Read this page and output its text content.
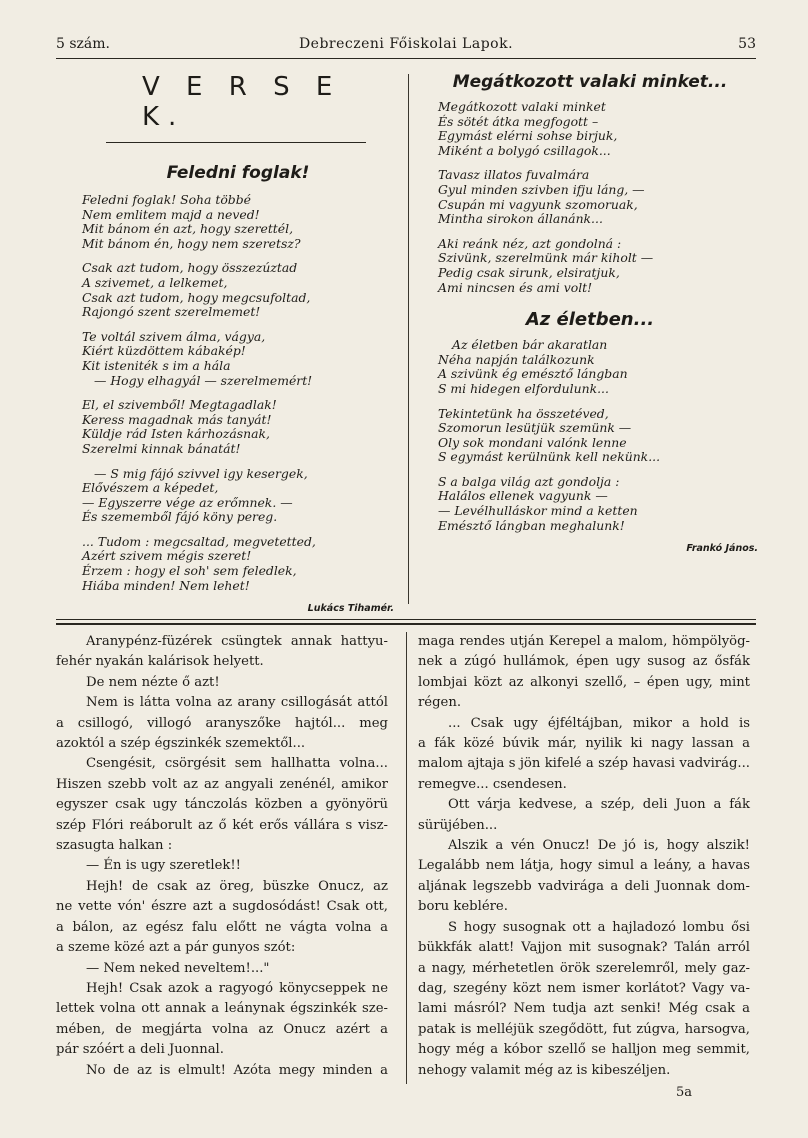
5 szám.	Debreczeni Főiskolai Lapok.	53
V E R S E K.
Feledni foglak!
Feledni foglak! Soha többé
Nem emlitem majd a neved!
Mit bánom én azt, hogy szerettél,
Mit bánom én, hogy nem szeretsz?
Csak azt tudom, hogy összezúztad
A szivemet, a lelkemet,
Csak azt tudom, hogy megcsufoltad,
Rajongó szent szerelmemet!
Te voltál szivem álma, vágya,
Kiért küzdöttem kábakép!
Kit isteniték s im a hála
— Hogy elhagyál — szerelmemért!
El, el szivemből! Megtagadlak!
Keress magadnak más tanyát!
Küldje rád Isten kárhozásnak,
Szerelmi kinnak bánatát!
— S mig fájó szivvel igy kesergek,
Elővészem a képedet,
— Egyszerre vége az erőmnek. —
És szememből fájó köny pereg.
... Tudom : megcsaltad, megvetetted,
Azért szivem mégis szeret!
Érzem : hogy el soh' sem feledlek,
Hiába minden! Nem lehet!
Lukács Tihamér.
Megátkozott valaki minket...
Megátkozott valaki minket
És sötét átka megfogott –
Egymást elérni sohse birjuk,
Miként a bolygó csillagok...
Tavasz illatos fuvalmára
Gyul minden szivben ifju láng, —
Csupán mi vagyunk szomoruak,
Mintha sirokon állanánk...
Aki reánk néz, azt gondolná :
Szivünk, szerelmünk már kiholt —
Pedig csak sirunk, elsiratjuk,
Ami nincsen és ami volt!
Az életben...
Az életben bár akaratlan
Néha napján találkozunk
A szivünk ég emésztő lángban
S mi hidegen elfordulunk...
Tekintetünk ha összetéved,
Szomorun lesütjük szemünk —
Oly sok mondani valónk lenne
S egymást kerülnünk kell nekünk...
S a balga világ azt gondolja :
Halálos ellenek vagyunk —
— Levélhulláskor mind a ketten
Emésztő lángban meghalunk!
Frankó János.
Aranypénz-füzérek csüngtek annak hattyu-
fehér nyakán kalárisok helyett.
De nem nézte ő azt!
Nem is látta volna az arany csillogását attól
a csillogó, villogó aranyszőke hajtól... meg
azoktól a szép égszinkék szemektől...
Csengésit, csörgésit sem hallhatta volna...
Hiszen szebb volt az az angyali zenénél, amikor
egyszer csak ugy tánczolás közben a gyönyörü
szép Flóri reáborult az ő két erős vállára s visz-
szasugta halkan :
— Én is ugy szeretlek!!
Hejh! de csak az öreg, büszke Onucz, az
ne vette vón' észre azt a sugdosódást! Csak ott,
a bálon, az egész falu előtt ne vágta volna a
a szeme közé azt a pár gunyos szót:
— Nem neked neveltem!..."
Hejh! Csak azok a ragyogó könycseppek ne
lettek volna ott annak a leánynak égszinkék sze-
mében, de megjárta volna az Onucz azért a
pár szóért a deli Juonnal.
No de az is elmult! Azóta megy minden a
maga rendes utján Kerepel a malom, hömpölyög-
nek a zúgó hullámok, épen ugy susog az ősfák
lombjai közt az alkonyi szellő, – épen ugy, mint
régen.
... Csak ugy éjféltájban, mikor a hold is
a fák közé búvik már, nyilik ki nagy lassan a
malom ajtaja s jön kifelé a szép havasi vadvirág...
remegve... csendesen.
Ott várja kedvese, a szép, deli Juon a fák
sürüjében...
Alszik a vén Onucz! De jó is, hogy alszik!
Legalább nem látja, hogy simul a leány, a havas
aljának legszebb vadvirága a deli Juonnak dom-
boru keblére.
S hogy susognak ott a hajladozó lombu ősi
bükkfák alatt! Vajjon mit susognak? Talán arról
a nagy, mérhetetlen örök szerelemről, mely gaz-
dag, szegény közt nem ismer korlátot? Vagy va-
lami másról? Nem tudja azt senki! Még csak a
patak is melléjük szegődött, fut zúgva, harsogva,
hogy még a kóbor szellő se halljon meg semmit,
nehogy valamit még az is kibeszéljen.
5a
